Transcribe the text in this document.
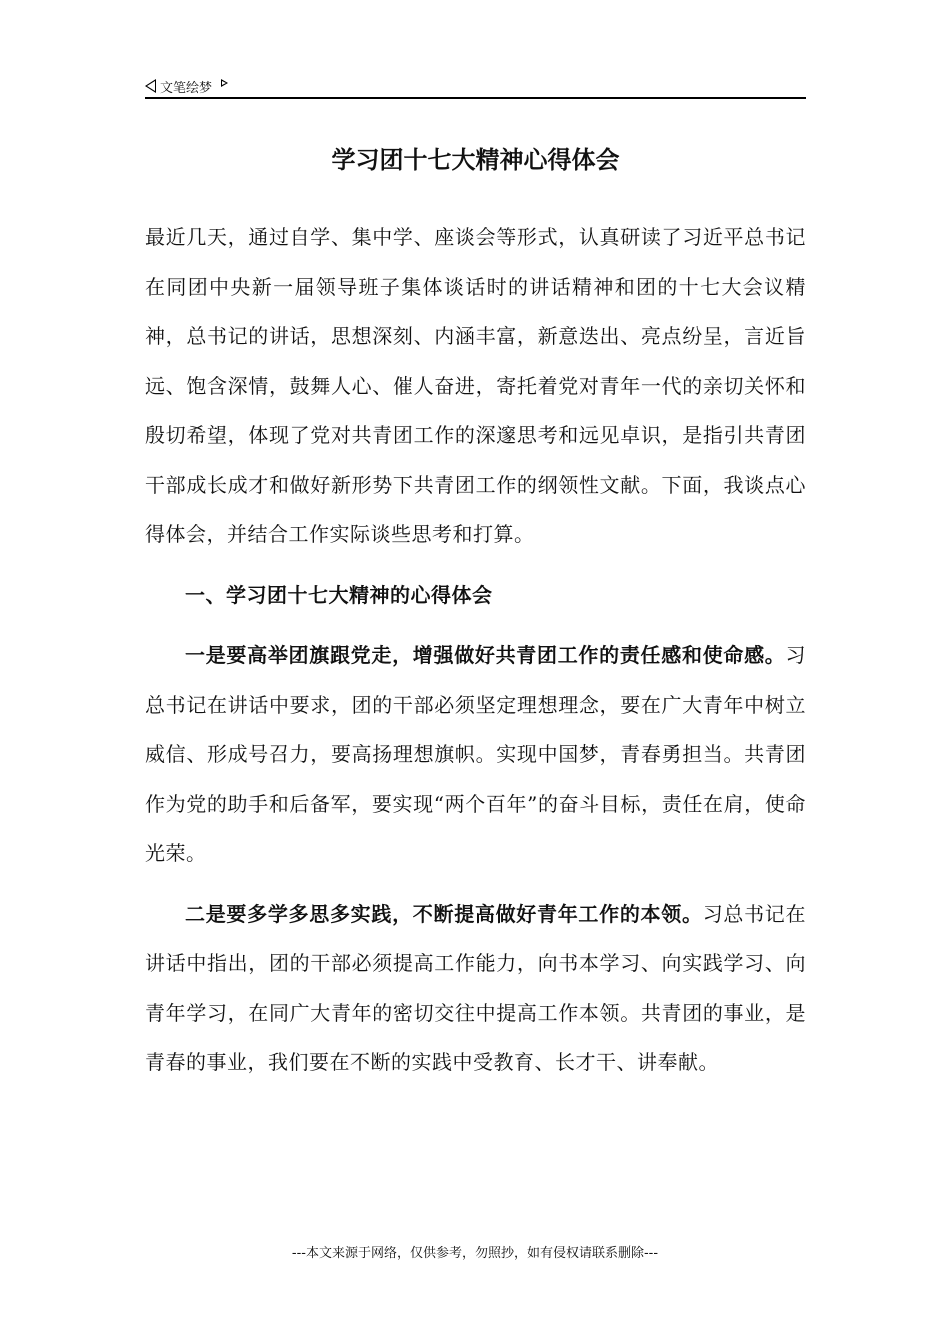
文笔绘梦
学习团十七大精神心得体会

最近几天，通过自学、集中学、座谈会等形式，认真研读了习近平总书记在同团中央新一届领导班子集体谈话时的讲话精神和团的十七大会议精神，总书记的讲话，思想深刻、内涵丰富，新意迭出、亮点纷呈，言近旨远、饱含深情，鼓舞人心、催人奋进，寄托着党对青年一代的亲切关怀和殷切希望，体现了党对共青团工作的深邃思考和远见卓识，是指引共青团干部成长成才和做好新形势下共青团工作的纲领性文献。下面，我谈点心得体会，并结合工作实际谈些思考和打算。

一、学习团十七大精神的心得体会

一是要高举团旗跟党走，增强做好共青团工作的责任感和使命感。习总书记在讲话中要求，团的干部必须坚定理想理念，要在广大青年中树立威信、形成号召力，要高扬理想旗帜。实现中国梦，青春勇担当。共青团作为党的助手和后备军，要实现“两个百年”的奋斗目标，责任在肩，使命光荣。

二是要多学多思多实践，不断提高做好青年工作的本领。习总书记在讲话中指出，团的干部必须提高工作能力，向书本学习、向实践学习、向青年学习，在同广大青年的密切交往中提高工作本领。共青团的事业，是青春的事业，我们要在不断的实践中受教育、长才干、讲奉献。

---本文来源于网络，仅供参考，勿照抄，如有侵权请联系删除---
